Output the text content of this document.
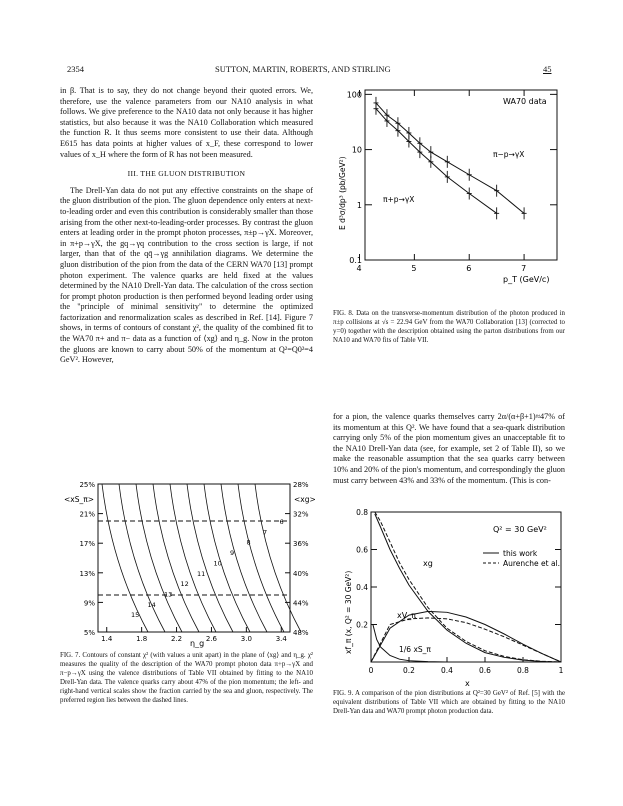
2354	SUTTON, MARTIN, ROBERTS, AND STIRLING	45

in β. That is to say, they do not change beyond their quoted errors. We, therefore, use the valence parameters from our NA10 analysis in what follows. We give preference to the NA10 data not only because it has higher statistics, but also because it was the NA10 Collaboration which measured the function R. It thus seems more consistent to use their data. Although E615 has data points at higher values of x_F, these correspond to lower values of x_H where the form of R has not been measured.

III. THE GLUON DISTRIBUTION

The Drell-Yan data do not put any effective constraints on the shape of the gluon distribution of the pion. The gluon dependence only enters at next-to-leading order and even this contribution is considerably smaller than those arising from the other next-to-leading-order processes. By contrast the gluon enters at leading order in the prompt photon processes, π±p→γX. Moreover, in π+p→γX, the gq→γq contribution to the cross section is large, if not larger, than that of the qq̄→γg annihilation diagrams. We determine the gluon distribution of the pion from the data of the CERN WA70 [13] prompt photon experiment. The valence quarks are held fixed at the values determined by the NA10 Drell-Yan data. The calculation of the cross section for prompt photon production is then performed beyond leading order using the "principle of minimal sensitivity" to determine the optimized factorization and renormalization scales as described in Ref. [14]. Figure 7 shows, in terms of contours of constant χ², the quality of the combined fit to the WA70 π+ and π− data as a function of ⟨xg⟩ and η_g. Now in the proton the gluons are known to carry about 50% of the momentum at Q²=Q0²=4 GeV². However,

for a pion, the valence quarks themselves carry 2α/(α+β+1)≈47% of its momentum at this Q². We have found that a sea-quark distribution carrying only 5% of the pion momentum gives an unacceptable fit to the NA10 Drell-Yan data (see, for example, set 2 of Table II), so we make the reasonable assumption that the sea quarks carry between 10% and 20% of the pion's momentum, and correspondingly the gluon must carry between 43% and 33% of the momentum. (This is con-

4	5	6	7
100
10
1
0.1
WA70 data
π−p→γX
π+p→γX
p_T (GeV/c)
E d³σ/dp³ (pb/GeV²)
FIG. 8. Data on the transverse-momentum distribution of the photon produced in π±p collisions at √s = 22.94 GeV from the WA70 Collaboration [13] (corrected to y=0) together with the description obtained using the parton distributions from our NA10 and WA70 fits of Table VII.
1.4	1.8	2.2	2.6	3.0	3.4
25%
21%
17%
13%
9%
5%
28%
32%
36%
40%
44%
48%
15
14
13
12
11
10
9
8
7
6
<xS_π>	<xg>
η_g
FIG. 7. Contours of constant χ² (with values a unit apart) in the plane of ⟨xg⟩ and η_g. χ² measures the quality of the description of the WA70 prompt photon data π+p→γX and π−p→γX using the valence distributions of Table VII obtained by fitting to the NA10 Drell-Yan data. The valence quarks carry about 47% of the pion momentum; the left- and right-hand vertical scales show the fraction carried by the sea and gluon, respectively. The preferred region lies between the dashed lines.
0	0.2	0.4	0.6	0.8	1
0.8
0.6
0.4
0.2
Q² = 30 GeV²
this work
Aurenche et al.
xg
xV_π
1/6 xS_π
x
xf_π (x, Q² = 30 GeV²)
FIG. 9. A comparison of the pion distributions at Q²=30 GeV² of Ref. [5] with the equivalent distributions of Table VII which are obtained by fitting to the NA10 Drell-Yan data and WA70 prompt photon production data.
